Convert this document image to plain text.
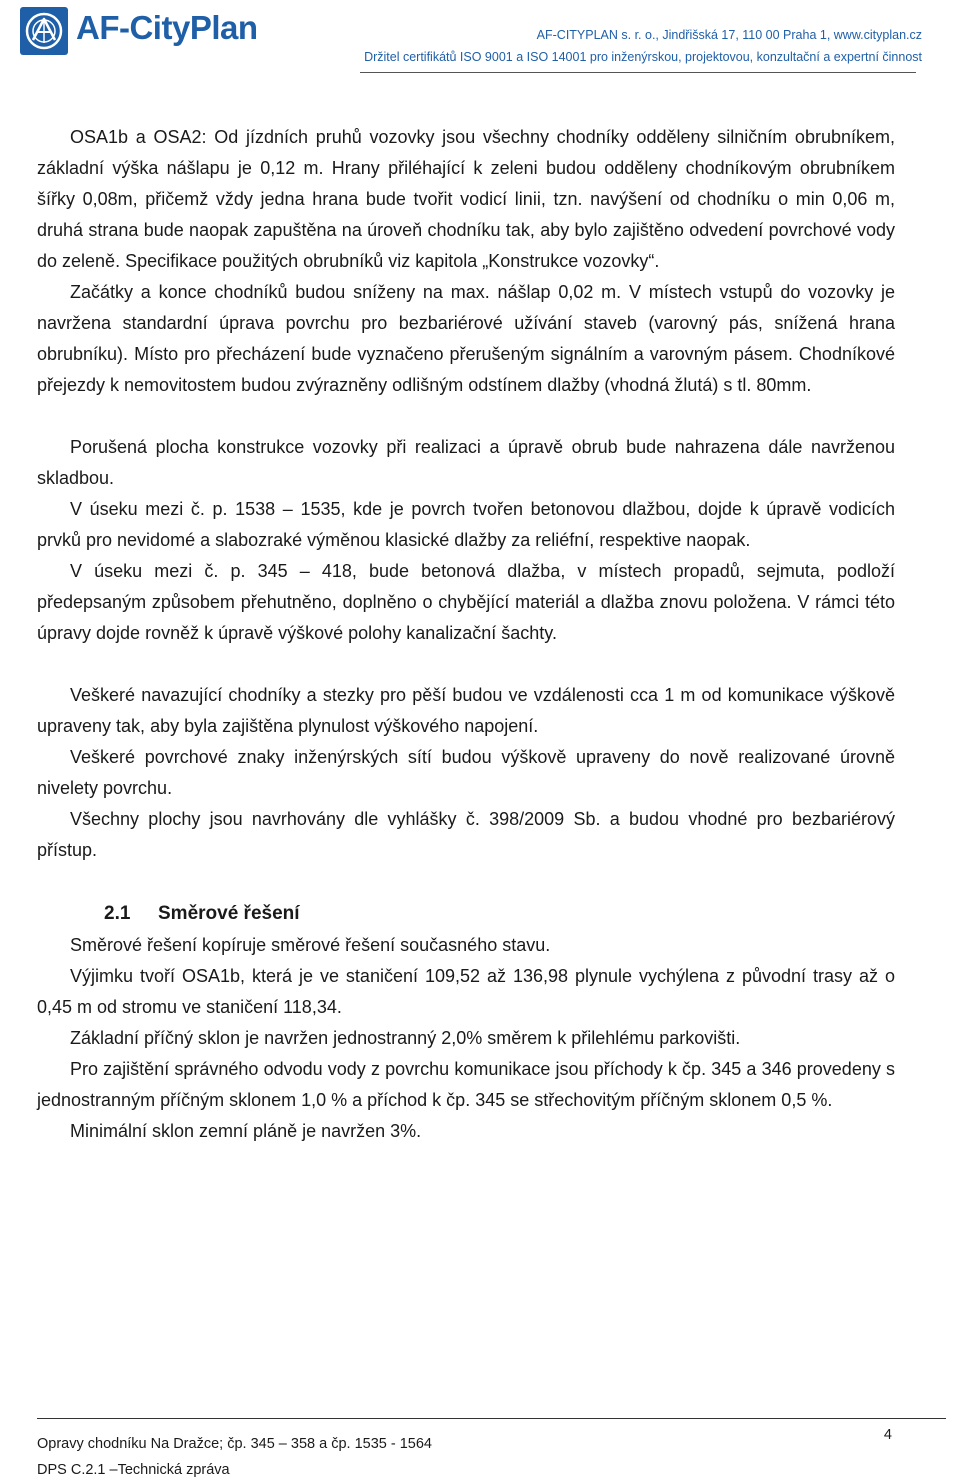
AF-CityPlan	AF-CITYPLAN s. r. o., Jindřišská 17, 110 00 Praha 1, www.cityplan.cz
Držitel certifikátů ISO 9001 a ISO 14001 pro inženýrskou, projektovou, konzultační a expertní činnost

OSA1b a OSA2: Od jízdních pruhů vozovky jsou všechny chodníky odděleny silničním obrubníkem, základní výška nášlapu je 0,12 m. Hrany přiléhající k zeleni budou odděleny chodníkovým obrubníkem šířky 0,08m, přičemž vždy jedna hrana bude tvořit vodicí linii, tzn. navýšení od chodníku o min 0,06 m, druhá strana bude naopak zapuštěna na úroveň chodníku tak, aby bylo zajištěno odvedení povrchové vody do zeleně. Specifikace použitých obrubníků viz kapitola „Konstrukce vozovky“.

Začátky a konce chodníků budou sníženy na max. nášlap 0,02 m. V místech vstupů do vozovky je navržena standardní úprava povrchu pro bezbariérové užívání staveb (varovný pás, snížená hrana obrubníku). Místo pro přecházení bude vyznačeno přerušeným signálním a varovným pásem. Chodníkové přejezdy k nemovitostem budou zvýrazněny odlišným odstínem dlažby (vhodná žlutá) s tl. 80mm.

Porušená plocha konstrukce vozovky při realizaci a úpravě obrub bude nahrazena dále navrženou skladbou.

V úseku mezi č. p. 1538 – 1535, kde je povrch tvořen betonovou dlažbou, dojde k úpravě vodicích prvků pro nevidomé a slabozraké výměnou klasické dlažby za reliéfní, respektive naopak.

V úseku mezi č. p. 345 – 418, bude betonová dlažba, v místech propadů, sejmuta, podloží předepsaným způsobem přehutněno, doplněno o chybějící materiál a dlažba znovu položena. V rámci této úpravy dojde rovněž k úpravě výškové polohy kanalizační šachty.

Veškeré navazující chodníky a stezky pro pěší budou ve vzdálenosti cca 1 m od komunikace výškově upraveny tak, aby byla zajištěna plynulost výškového napojení.

Veškeré povrchové znaky inženýrských sítí budou výškově upraveny do nově realizované úrovně nivelety povrchu.

Všechny plochy jsou navrhovány dle vyhlášky č. 398/2009 Sb. a budou vhodné pro bezbariérový přístup.

2.1 Směrové řešení

Směrové řešení kopíruje směrové řešení současného stavu.

Výjimku tvoří OSA1b, která je ve staničení 109,52 až 136,98 plynule vychýlena z původní trasy až o 0,45 m od stromu ve staničení 118,34.

Základní příčný sklon je navržen jednostranný 2,0% směrem k přilehlému parkovišti.

Pro zajištění správného odvodu vody z povrchu komunikace jsou příchody k čp. 345 a 346 provedeny s jednostranným příčným sklonem 1,0 % a příchod k čp. 345 se střechovitým příčným sklonem 0,5 %.

Minimální sklon zemní pláně je navržen 3%.

Opravy chodníku Na Dražce; čp. 345 – 358 a čp. 1535 - 1564
DPS C.2.1 –Technická zpráva
4
